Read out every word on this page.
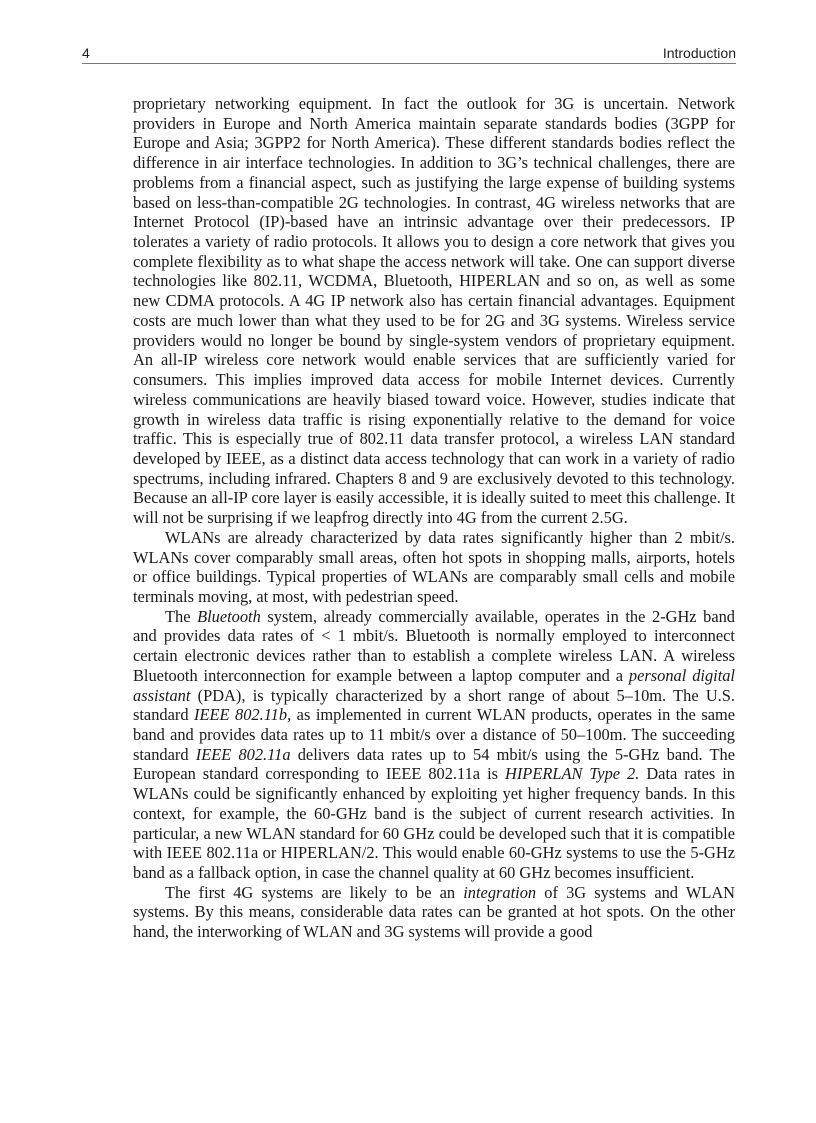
4	Introduction

proprietary networking equipment. In fact the outlook for 3G is uncertain. Network providers in Europe and North America maintain separate standards bodies (3GPP for Europe and Asia; 3GPP2 for North America). These different standards bodies reflect the difference in air interface technologies. In addition to 3G’s technical challenges, there are problems from a financial aspect, such as justifying the large expense of building systems based on less-than-compatible 2G technologies. In contrast, 4G wireless networks that are Internet Protocol (IP)-based have an intrinsic advantage over their predecessors. IP tolerates a variety of radio protocols. It allows you to design a core network that gives you complete flexibility as to what shape the access network will take. One can support diverse technologies like 802.11, WCDMA, Bluetooth, HIPERLAN and so on, as well as some new CDMA protocols. A 4G IP network also has certain financial advantages. Equipment costs are much lower than what they used to be for 2G and 3G systems. Wireless service providers would no longer be bound by single-system vendors of proprietary equipment. An all-IP wireless core network would enable services that are sufficiently varied for consumers. This implies improved data access for mobile Internet devices. Currently wireless communications are heavily biased toward voice. However, studies indicate that growth in wireless data traffic is rising exponentially relative to the demand for voice traffic. This is especially true of 802.11 data transfer protocol, a wireless LAN standard developed by IEEE, as a distinct data access technology that can work in a variety of radio spectrums, including infrared. Chapters 8 and 9 are exclusively devoted to this technology. Because an all-IP core layer is easily accessible, it is ideally suited to meet this challenge. It will not be surprising if we leapfrog directly into 4G from the current 2.5G.

WLANs are already characterized by data rates significantly higher than 2 mbit/s. WLANs cover comparably small areas, often hot spots in shopping malls, airports, hotels or office buildings. Typical properties of WLANs are comparably small cells and mobile terminals moving, at most, with pedestrian speed.

The Bluetooth system, already commercially available, operates in the 2-GHz band and provides data rates of < 1 mbit/s. Bluetooth is normally employed to interconnect certain electronic devices rather than to establish a complete wireless LAN. A wireless Bluetooth interconnection for example between a laptop computer and a personal digital assistant (PDA), is typically characterized by a short range of about 5–10m. The U.S. standard IEEE 802.11b, as implemented in current WLAN products, operates in the same band and provides data rates up to 11 mbit/s over a distance of 50–100m. The succeeding standard IEEE 802.11a delivers data rates up to 54 mbit/s using the 5-GHz band. The European standard corresponding to IEEE 802.11a is HIPERLAN Type 2. Data rates in WLANs could be significantly enhanced by exploiting yet higher frequency bands. In this context, for example, the 60-GHz band is the subject of current research activities. In particular, a new WLAN standard for 60 GHz could be developed such that it is compatible with IEEE 802.11a or HIPERLAN/2. This would enable 60-GHz systems to use the 5-GHz band as a fallback option, in case the channel quality at 60 GHz becomes insufficient.

The first 4G systems are likely to be an integration of 3G systems and WLAN systems. By this means, considerable data rates can be granted at hot spots. On the other hand, the interworking of WLAN and 3G systems will provide a good
